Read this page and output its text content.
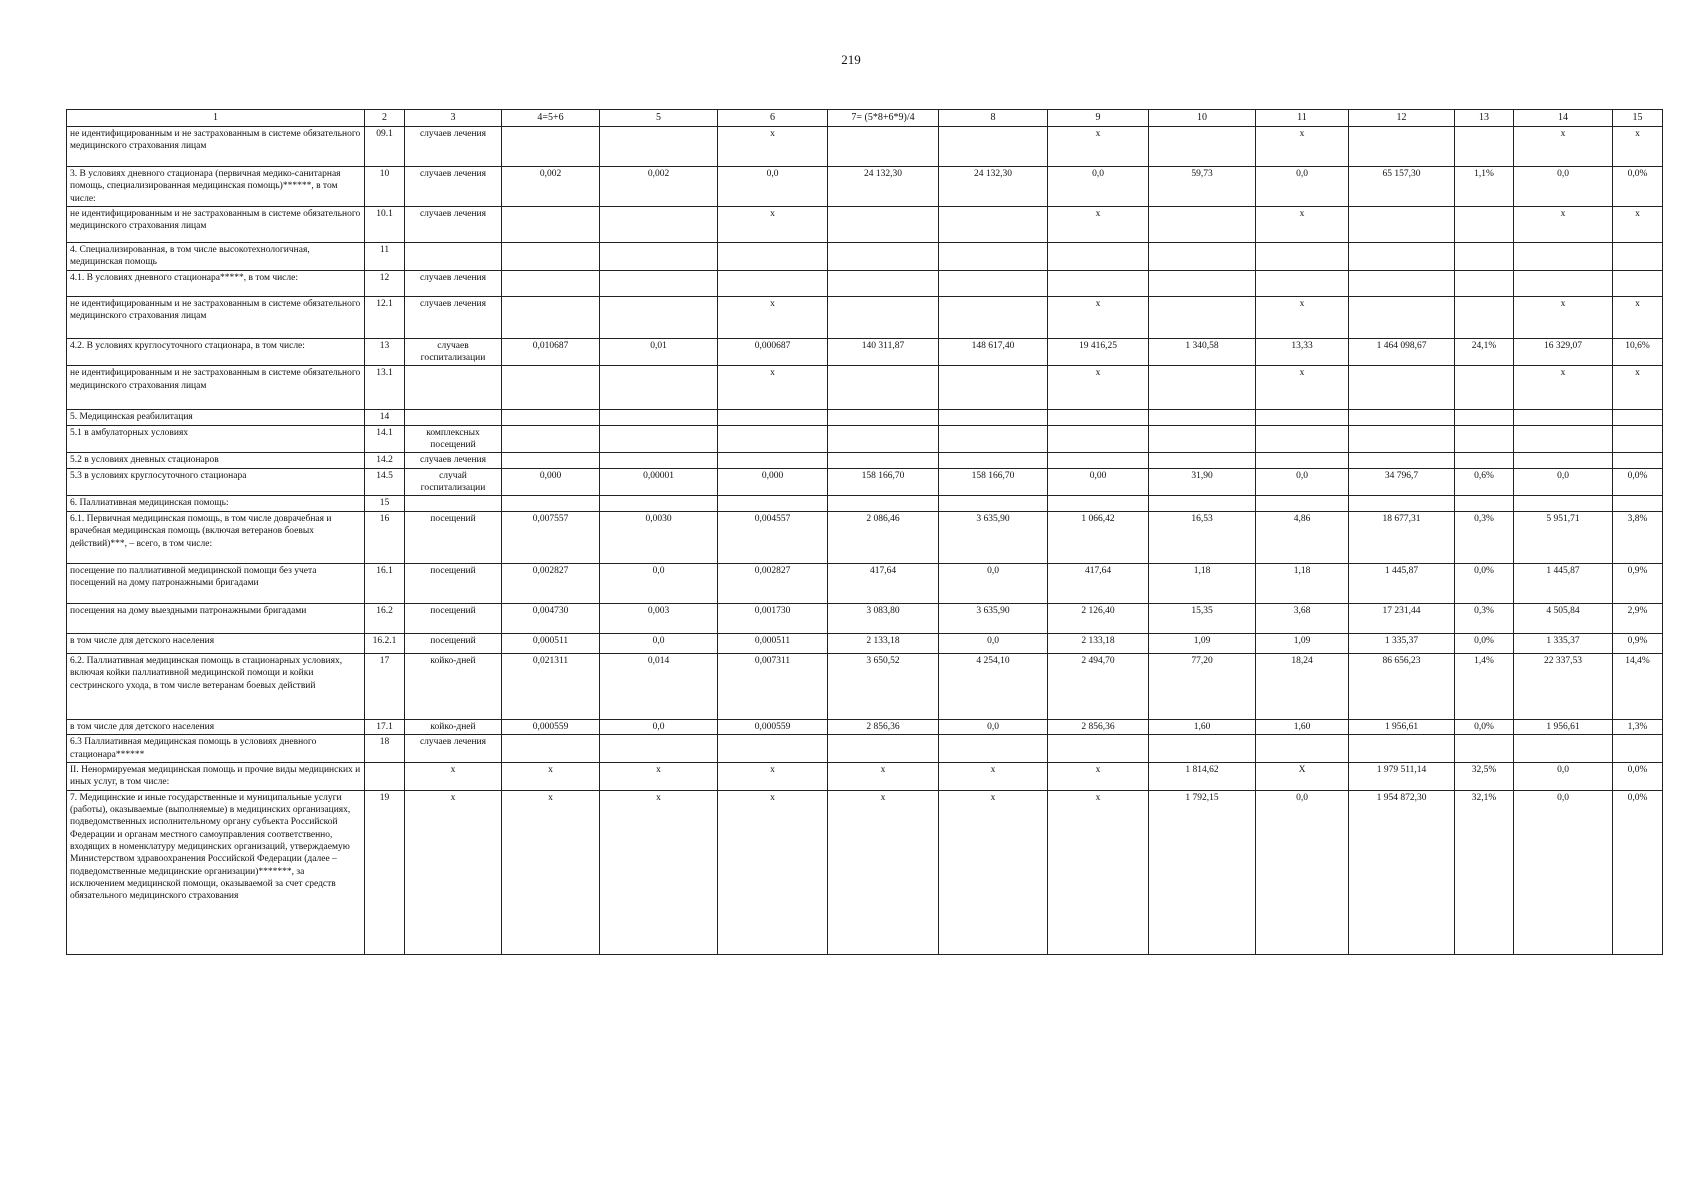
219
1	2	3	4=5+6	5	6	7= (5*8+6*9)/4	8	9	10	11	12	13	14	15
не идентифицированным и не застрахованным в системе обязательного медицинского страхования лицам	09.1	случаев лечения			х			х		х			х	х
3. В условиях дневного стационара (первичная медико-санитарная помощь, специализированная медицинская помощь)******, в том числе:	10	случаев лечения	0,002	0,002	0,0	24 132,30	24 132,30	0,0	59,73	0,0	65 157,30	1,1%	0,0	0,0%
не идентифицированным и не застрахованным в системе обязательного медицинского страхования лицам	10.1	случаев лечения			х			х		х			х	х
4. Специализированная, в том числе высокотехнологичная, медицинская помощь	11													
4.1. В условиях дневного стационара*****, в том числе:	12	случаев лечения												
не идентифицированным и не застрахованным в системе обязательного медицинского страхования лицам	12.1	случаев лечения			х			х		х			х	х
4.2. В условиях круглосуточного стационара, в том числе:	13	случаев госпитализации	0,010687	0,01	0,000687	140 311,87	148 617,40	19 416,25	1 340,58	13,33	1 464 098,67	24,1%	16 329,07	10,6%
не идентифицированным и не застрахованным в системе обязательного медицинского страхования лицам	13.1				х			х		х			х	х
5. Медицинская реабилитация	14													
5.1 в амбулаторных условиях	14.1	комплексных посещений												
5.2 в условиях дневных стационаров	14.2	случаев лечения												
5.3 в условиях круглосуточного стационара	14.5	случай госпитализации	0,000	0,00001	0,000	158 166,70	158 166,70	0,00	31,90	0,0	34 796,7	0,6%	0,0	0,0%
6. Паллиативная медицинская помощь:	15													
6.1. Первичная медицинская помощь, в том числе доврачебная и врачебная медицинская помощь (включая ветеранов боевых действий)***, – всего, в том числе:	16	посещений	0,007557	0,0030	0,004557	2 086,46	3 635,90	1 066,42	16,53	4,86	18 677,31	0,3%	5 951,71	3,8%
посещение по паллиативной медицинской помощи без учета посещений на дому патронажными бригадами	16.1	посещений	0,002827	0,0	0,002827	417,64	0,0	417,64	1,18	1,18	1 445,87	0,0%	1 445,87	0,9%
посещения на дому выездными патронажными бригадами	16.2	посещений	0,004730	0,003	0,001730	3 083,80	3 635,90	2 126,40	15,35	3,68	17 231,44	0,3%	4 505,84	2,9%
в том числе для детского населения	16.2.1	посещений	0,000511	0,0	0,000511	2 133,18	0,0	2 133,18	1,09	1,09	1 335,37	0,0%	1 335,37	0,9%
6.2. Паллиативная медицинская помощь в стационарных условиях, включая койки паллиативной медицинской помощи и койки сестринского ухода, в том числе ветеранам боевых действий	17	койко-дней	0,021311	0,014	0,007311	3 650,52	4 254,10	2 494,70	77,20	18,24	86 656,23	1,4%	22 337,53	14,4%
в том числе для детского населения	17.1	койко-дней	0,000559	0,0	0,000559	2 856,36	0,0	2 856,36	1,60	1,60	1 956,61	0,0%	1 956,61	1,3%
6.3 Паллиативная медицинская помощь в условиях дневного стационара******	18	случаев лечения												
II. Ненормируемая медицинская помощь и прочие виды медицинских и иных услуг, в том числе:		х	х	х	х	х	х	х	1 814,62	Х	1 979 511,14	32,5%	0,0	0,0%
7. Медицинские и иные государственные и муниципальные услуги (работы), оказываемые (выполняемые) в медицинских организациях, подведомственных исполнительному органу субъекта Российской Федерации и органам местного самоуправления соответственно, входящих в номенклатуру медицинских организаций, утверждаемую Министерством здравоохранения Российской Федерации (далее – подведомственные медицинские организации)*******, за исключением медицинской помощи, оказываемой за счет средств обязательного медицинского страхования	19	х	х	х	х	х	х	х	1 792,15	0,0	1 954 872,30	32,1%	0,0	0,0%
